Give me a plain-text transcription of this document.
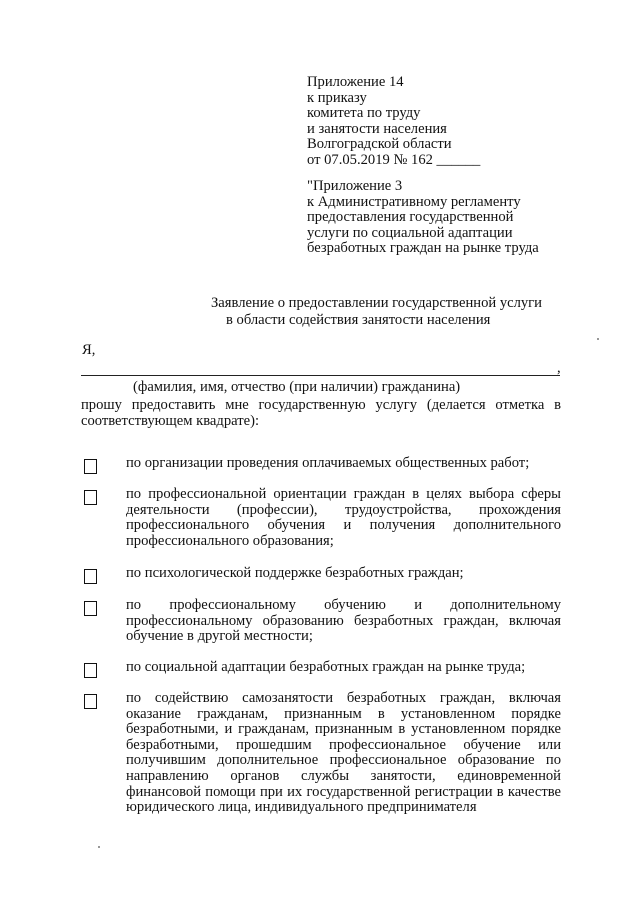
Приложение 14
к приказу
комитета по труду
и занятости населения
Волгоградской области
от 07.05.2019 № 162 ______
"Приложение 3
к Административному регламенту
предоставления государственной
услуги по социальной адаптации
безработных граждан на рынке труда
Заявление о предоставлении государственной услуги
в области содействия занятости населения
Я,
,
(фамилия, имя, отчество (при наличии) гражданина)
прошу предоставить мне государственную услугу (делается отметка в соответствующем квадрате):
по организации проведения оплачиваемых общественных работ;
по профессиональной ориентации граждан в целях выбора сферы деятельности (профессии), трудоустройства, прохождения профессионального обучения и получения дополнительного профессионального образования;
по психологической поддержке безработных граждан;
по профессиональному обучению и дополнительному профессиональному образованию безработных граждан, включая обучение в другой местности;
по социальной адаптации безработных граждан на рынке труда;
по содействию самозанятости безработных граждан, включая оказание гражданам, признанным в установленном порядке безработными, и гражданам, признанным в установленном порядке безработными, прошедшим профессиональное обучение или получившим дополнительное профессиональное образование по направлению органов службы занятости, единовременной финансовой помощи при их государственной регистрации в качестве юридического лица, индивидуального предпринимателя
